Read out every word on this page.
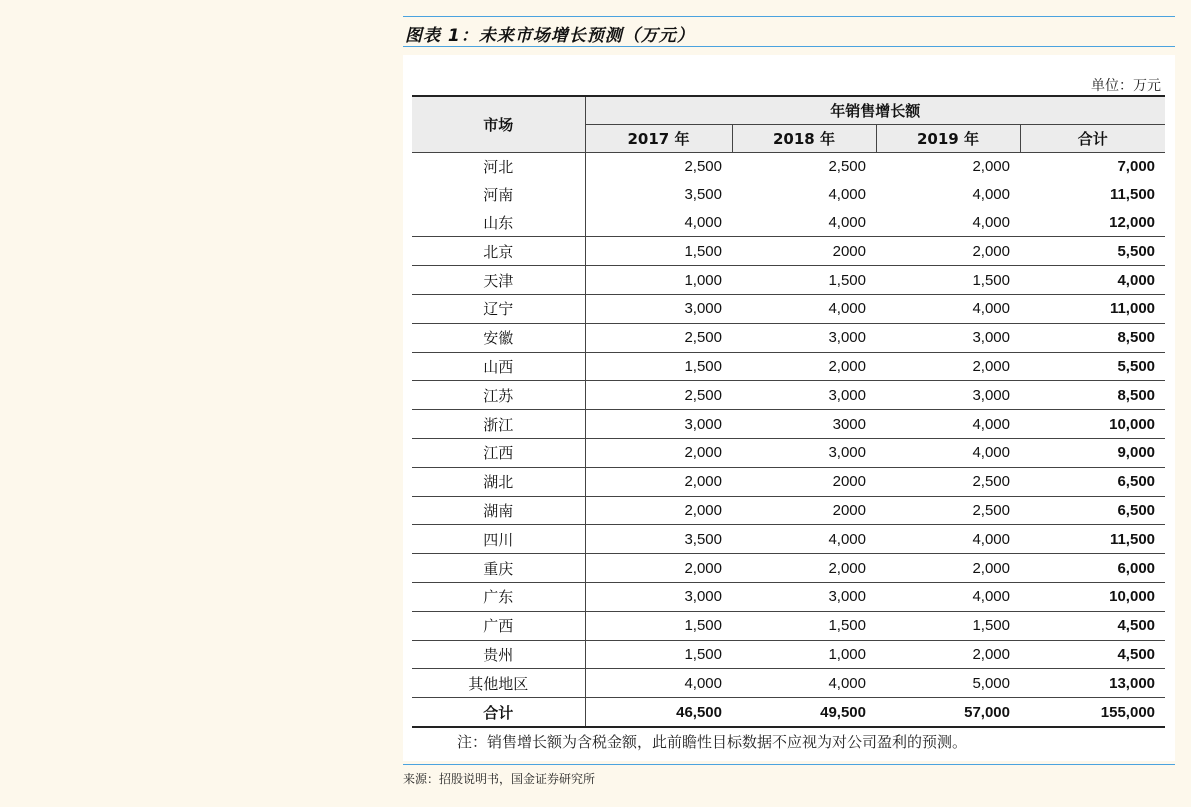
图表 1：未来市场增长预测（万元）
单位：万元
市场	年销售增长额			
	2017 年	2018 年	2019 年	合计
河北	2,500	2,500	2,000	7,000
河南	3,500	4,000	4,000	11,500
山东	4,000	4,000	4,000	12,000
北京	1,500	2000	2,000	5,500
天津	1,000	1,500	1,500	4,000
辽宁	3,000	4,000	4,000	11,000
安徽	2,500	3,000	3,000	8,500
山西	1,500	2,000	2,000	5,500
江苏	2,500	3,000	3,000	8,500
浙江	3,000	3000	4,000	10,000
江西	2,000	3,000	4,000	9,000
湖北	2,000	2000	2,500	6,500
湖南	2,000	2000	2,500	6,500
四川	3,500	4,000	4,000	11,500
重庆	2,000	2,000	2,000	6,000
广东	3,000	3,000	4,000	10,000
广西	1,500	1,500	1,500	4,500
贵州	1,500	1,000	2,000	4,500
其他地区	4,000	4,000	5,000	13,000
合计	46,500	49,500	57,000	155,000
注：销售增长额为含税金额，此前瞻性目标数据不应视为对公司盈利的预测。
来源：招股说明书，国金证券研究所
